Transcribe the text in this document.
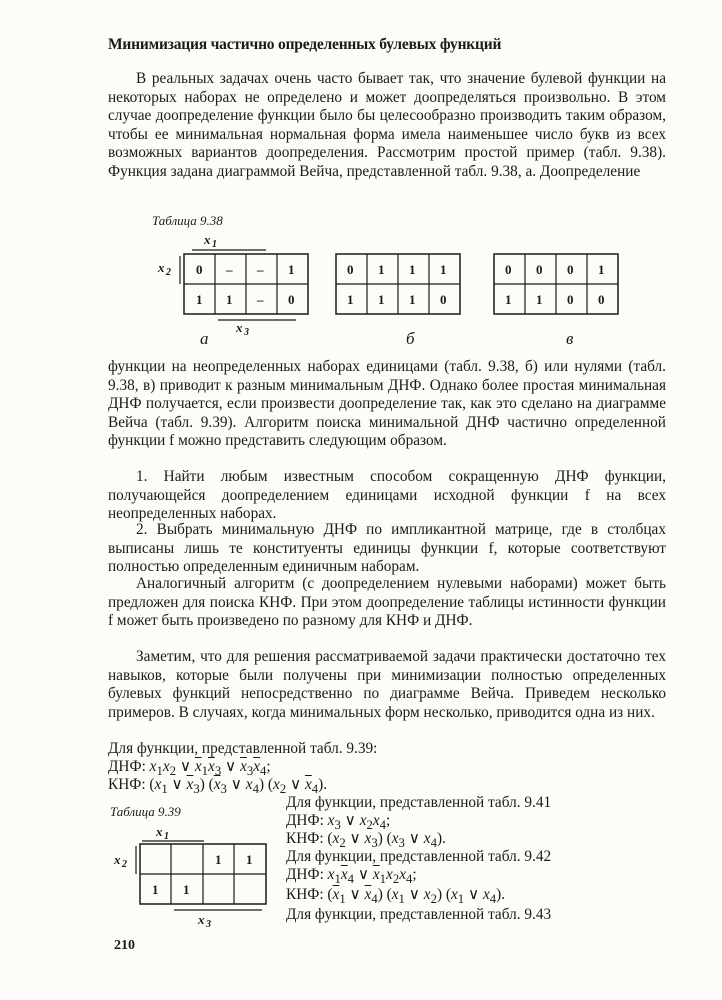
Минимизация частично определенных булевых функций

В реальных задачах очень часто бывает так, что значение булевой функции на некоторых наборах не определено и может доопределяться произвольно. В этом случае доопределение функции было бы целесообразно производить таким образом, чтобы ее минимальная нормальная форма имела наименьшее число букв из всех возможных вариантов доопределения. Рассмотрим простой пример (табл. 9.38). Функция задана диаграммой Вейча, представленной табл. 9.38, а. Доопределение

Таблица 9.38
x 1
x 2
x 3
0 – – 1
1 1 – 0
а
0 1 1 1
1 1 1 0
б
0 0 0 1
1 1 0 0
в

функции на неопределенных наборах единицами (табл. 9.38, б) или нулями (табл. 9.38, в) приводит к разным минимальным ДНФ. Однако более простая минимальная ДНФ получается, если произвести доопределение так, как это сделано на диаграмме Вейча (табл. 9.39). Алгоритм поиска минимальной ДНФ частично определенной функции f можно представить следующим образом.

1. Найти любым известным способом сокращенную ДНФ функции, получающейся доопределением единицами исходной функции f на всех неопределенных наборах.

2. Выбрать минимальную ДНФ по импликантной матрице, где в столбцах выписаны лишь те конституенты единицы функции f, которые соответствуют полностью определенным единичным наборам.

Аналогичный алгоритм (с доопределением нулевыми наборами) может быть предложен для поиска КНФ. При этом доопределение таблицы истинности функции f может быть произведено по разному для КНФ и ДНФ.

Заметим, что для решения рассматриваемой задачи практически достаточно тех навыков, которые были получены при минимизации полностью определенных булевых функций непосредственно по диаграмме Вейча. Приведем несколько примеров. В случаях, когда минимальных форм несколько, приводится одна из них.

Для функции, представленной табл. 9.39:
ДНФ: $x_1x_2$ ∨ $\overline{x}_1\overline{x}_3$ ∨ $\overline{x}_3\overline{x}_4$;
КНФ: ($x_1$ ∨ $\overline{x}_3$) ($\overline{x}_3$ ∨ $x_4$) ($x_2$ ∨ $\overline{x}_4$).
Таблица 9.39
x 1
x 2	1 1
1 1
x 3
Для функции, представленной табл. 9.41
ДНФ: $x_3$ ∨ $x_2x_4$;
КНФ: ($x_2$ ∨ $x_3$) ($x_3$ ∨ $x_4$).
Для функции, представленной табл. 9.42
ДНФ: $x_1\overline{x}_4$ ∨ $\overline{x}_1x_2x_4$;
КНФ: ($\overline{x}_1$ ∨ $\overline{x}_4$) ($x_1$ ∨ $x_2$) ($x_1$ ∨ $x_4$).
Для функции, представленной табл. 9.43
210
